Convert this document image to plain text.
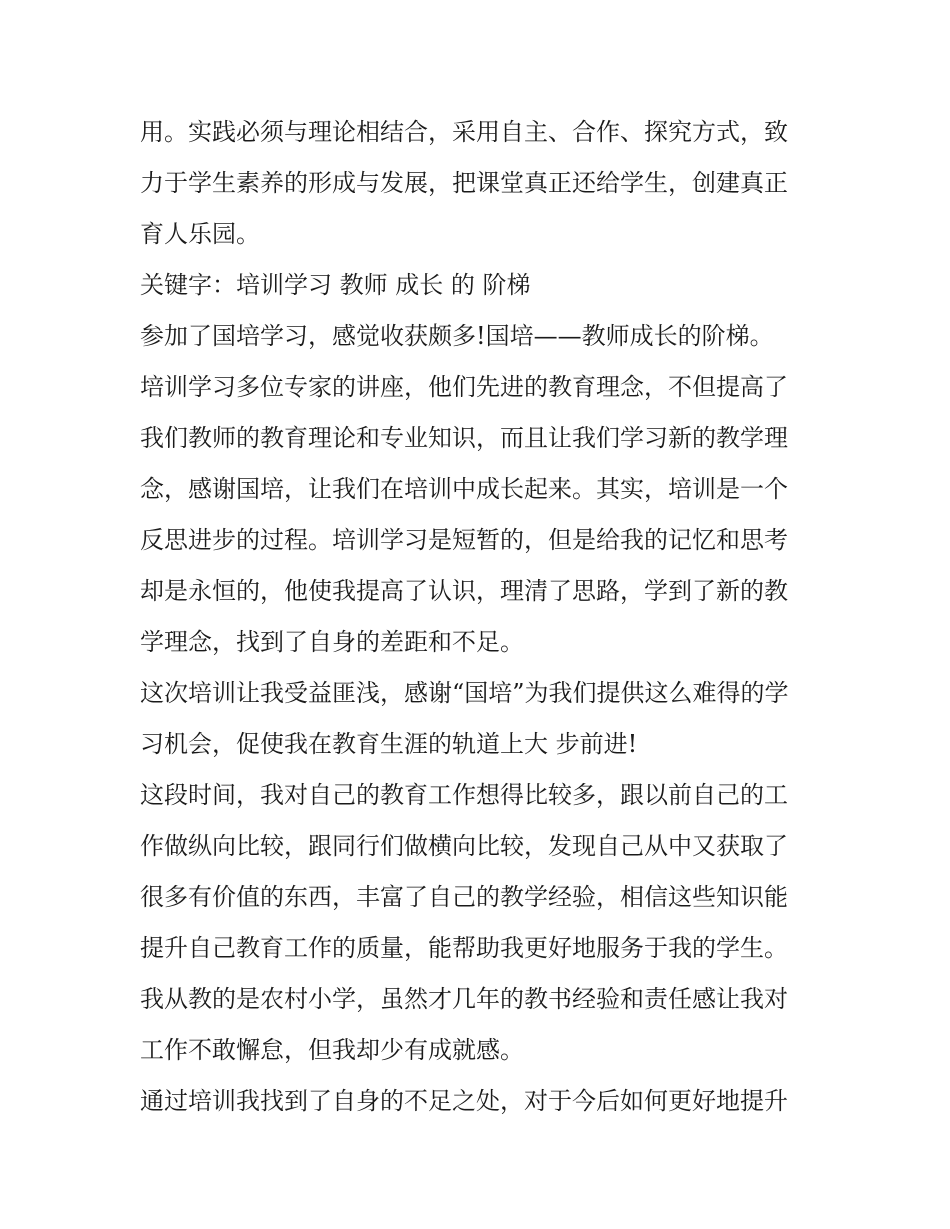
用。实践必须与理论相结合，采用自主、合作、探究方式，致
力于学生素养的形成与发展，把课堂真正还给学生，创建真正
育人乐园。
关键字：培训学习 教师 成长 的 阶梯
参加了国培学习，感觉收获颇多!国培——教师成长的阶梯。
培训学习多位专家的讲座，他们先进的教育理念，不但提高了
我们教师的教育理论和专业知识，而且让我们学习新的教学理
念，感谢国培，让我们在培训中成长起来。其实，培训是一个
反思进步的过程。培训学习是短暂的，但是给我的记忆和思考
却是永恒的，他使我提高了认识，理清了思路，学到了新的教
学理念，找到了自身的差距和不足。
这次培训让我受益匪浅，感谢“国培”为我们提供这么难得的学
习机会，促使我在教育生涯的轨道上大 步前进!
这段时间，我对自己的教育工作想得比较多，跟以前自己的工
作做纵向比较，跟同行们做横向比较，发现自己从中又获取了
很多有价值的东西，丰富了自己的教学经验，相信这些知识能
提升自己教育工作的质量，能帮助我更好地服务于我的学生。
我从教的是农村小学，虽然才几年的教书经验和责任感让我对
工作不敢懈怠，但我却少有成就感。
通过培训我找到了自身的不足之处，对于今后如何更好地提升
